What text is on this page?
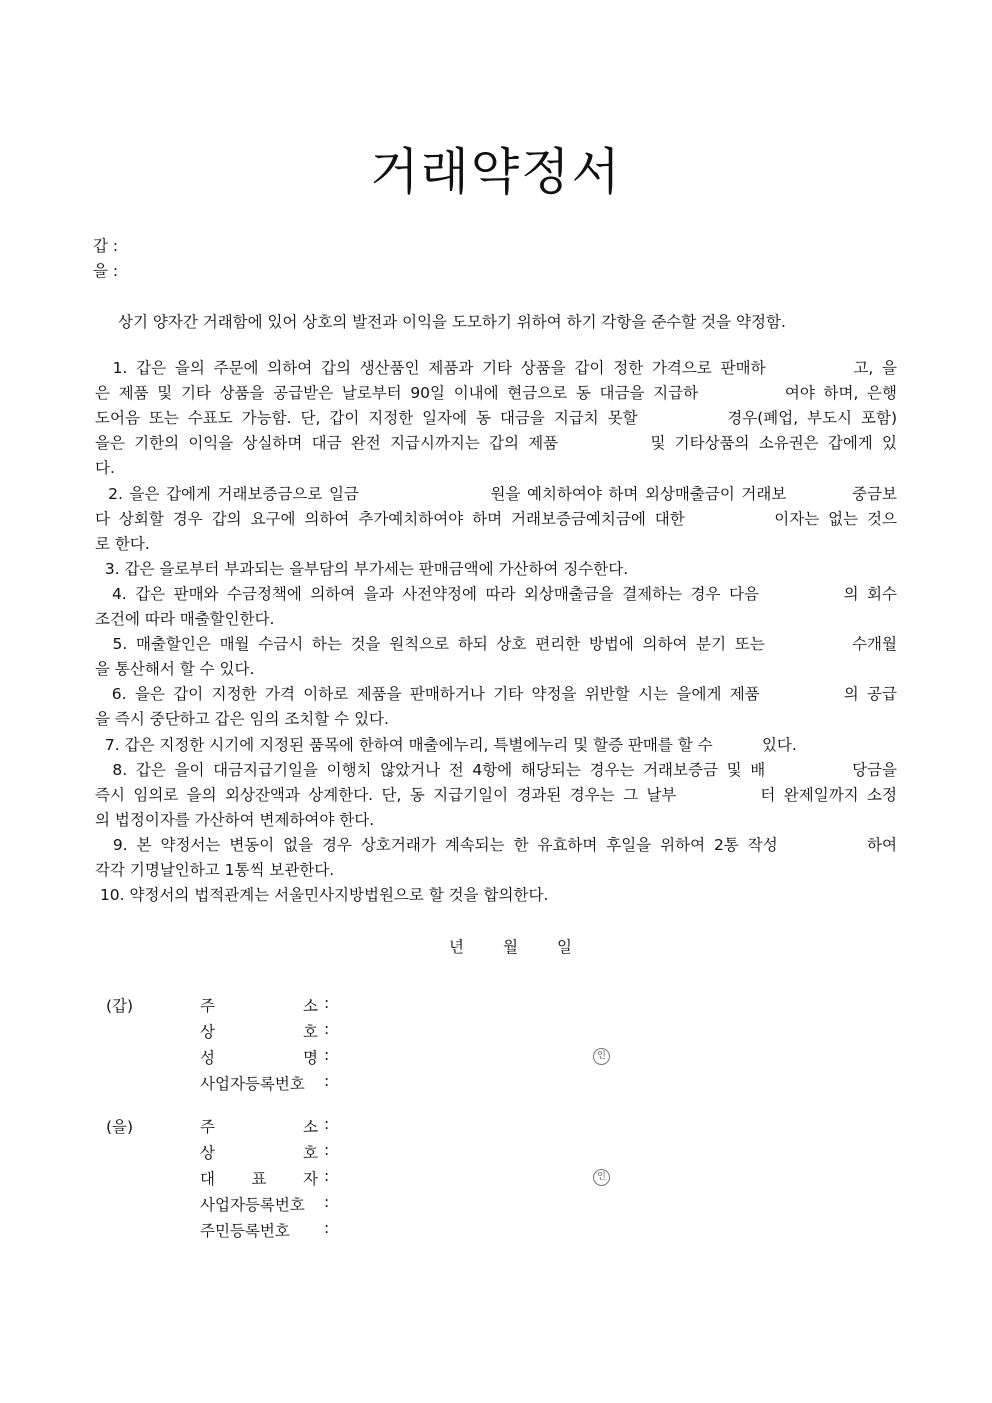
거래약정서
갑 :
을 :
상기 양자간 거래함에 있어 상호의 발전과 이익을 도모하기 위하여 하기 각항을 준수할 것을 약정함.
1. 갑은 을의 주문에 의하여 갑의 생산품인 제품과 기타 상품을 갑이 정한 가격으로 판매하          고, 을
은 제품 및 기타 상품을 공급받은 날로부터 90일 이내에 현금으로 동 대금을 지급하          여야 하며, 은행
도어음 또는 수표도 가능함. 단, 갑이 지정한 일자에 동 대금을 지급치 못할          경우(폐업, 부도시 포함)
을은 기한의 이익을 상실하며 대금 완전 지급시까지는 갑의 제품          및 기타상품의 소유권은 갑에게 있
다.
2. 을은 갑에게 거래보증금으로 일금                    원을 예치하여야 하며 외상매출금이 거래보          중금보
다 상회할 경우 갑의 요구에 의하여 추가예치하여야 하며 거래보증금예치금에 대한          이자는 없는 것으
로 한다.
3. 갑은 을로부터 부과되는 을부담의 부가세는 판매금액에 가산하여 징수한다.
4. 갑은 판매와 수금정책에 의하여 을과 사전약정에 따라 외상매출금을 결제하는 경우 다음          의 회수
조건에 따라 매출할인한다.
5. 매출할인은 매월 수금시 하는 것을 원칙으로 하되 상호 편리한 방법에 의하여 분기 또는          수개월
을 통산해서 할 수 있다.
6. 을은 갑이 지정한 가격 이하로 제품을 판매하거나 기타 약정을 위반할 시는 을에게 제품          의 공급
을 즉시 중단하고 갑은 임의 조치할 수 있다.
7. 갑은 지정한 시기에 지정된 품목에 한하여 매출에누리, 특별에누리 및 할증 판매를 할 수          있다.
8. 갑은 을이 대금지급기일을 이행치 않았거나 전 4항에 해당되는 경우는 거래보증금 및 배          당금을
즉시 임의로 을의 외상잔액과 상계한다. 단, 동 지급기일이 경과된 경우는 그 날부          터 완제일까지 소정
의 법정이자를 가산하여 변제하여야 한다.
9. 본 약정서는 변동이 없을 경우 상호거래가 계속되는 한 유효하며 후일을 위하여 2통 작성          하여
각각 기명날인하고 1통씩 보관한다.
10. 약정서의 법적관계는 서울민사지방법원으로 할 것을 합의한다.
년	월	일
(갑)	주 소 :
상 호 :
성 명 :	인
사업자등록번호	:
(을)	주 소 :
상 호 :
대 표 자 :	인
사업자등록번호	:
주민등록번호	:
